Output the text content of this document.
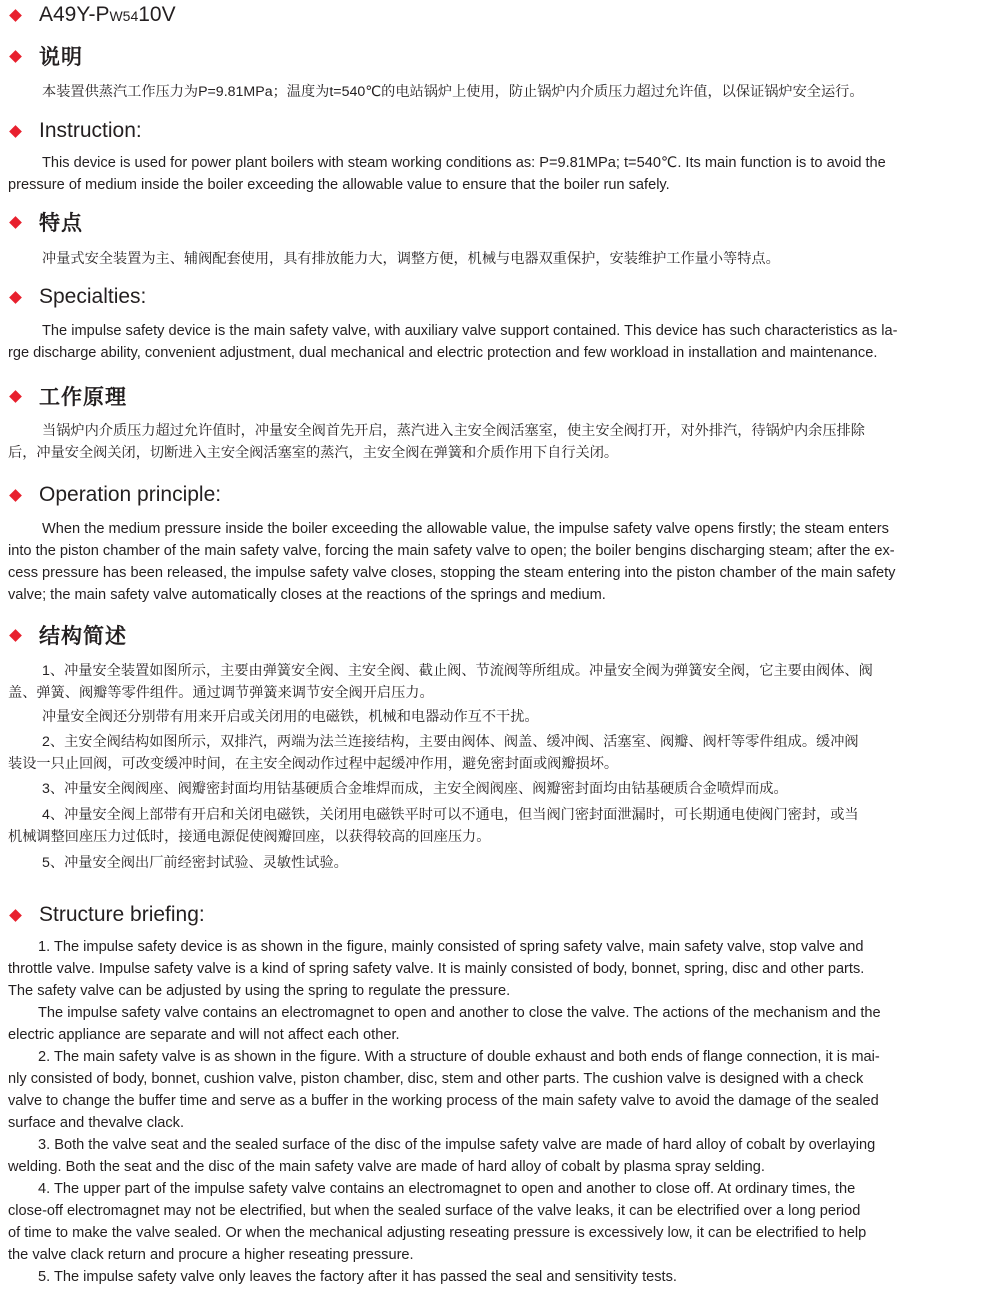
A49Y-PW5410V
说明
本装置供蒸汽工作压力为P=9.81MPa；温度为t=540℃的电站锅炉上使用，防止锅炉内介质压力超过允许值，以保证锅炉安全运行。
Instruction:
This device is used for power plant boilers with steam working conditions as: P=9.81MPa; t=540℃. Its main function is to avoid the
pressure of medium inside the boiler exceeding the allowable value to ensure that the boiler run safely.
特点
冲量式安全装置为主、辅阀配套使用，具有排放能力大，调整方便，机械与电器双重保护，安装维护工作量小等特点。
Specialties:
The impulse safety device is the main safety valve, with auxiliary valve support contained. This device has such characteristics as la-
rge discharge ability, convenient adjustment, dual mechanical and electric protection and few workload in installation and maintenance.
工作原理
当锅炉内介质压力超过允许值时，冲量安全阀首先开启，蒸汽进入主安全阀活塞室，使主安全阀打开，对外排汽，待锅炉内余压排除
后，冲量安全阀关闭，切断进入主安全阀活塞室的蒸汽，主安全阀在弹簧和介质作用下自行关闭。
Operation principle:
When the medium pressure inside the boiler exceeding the allowable value, the impulse safety valve opens firstly; the steam enters
into the piston chamber of the main safety valve, forcing the main safety valve to open; the boiler bengins discharging steam; after the ex-
cess pressure has been released, the impulse safety valve closes, stopping the steam entering into the piston chamber of the main safety
valve; the main safety valve automatically closes at the reactions of the springs and medium.
结构简述
1、冲量安全装置如图所示，主要由弹簧安全阀、主安全阀、截止阀、节流阀等所组成。冲量安全阀为弹簧安全阀，它主要由阀体、阀
盖、弹簧、阀瓣等零件组件。通过调节弹簧来调节安全阀开启压力。
冲量安全阀还分别带有用来开启或关闭用的电磁铁，机械和电器动作互不干扰。
2、主安全阀结构如图所示，双排汽，两端为法兰连接结构，主要由阀体、阀盖、缓冲阀、活塞室、阀瓣、阀杆等零件组成。缓冲阀
装设一只止回阀，可改变缓冲时间，在主安全阀动作过程中起缓冲作用，避免密封面或阀瓣损坏。
3、冲量安全阀阀座、阀瓣密封面均用钴基硬质合金堆焊而成，主安全阀阀座、阀瓣密封面均由钴基硬质合金喷焊而成。
4、冲量安全阀上部带有开启和关闭电磁铁，关闭用电磁铁平时可以不通电，但当阀门密封面泄漏时，可长期通电使阀门密封，或当
机械调整回座压力过低时，接通电源促使阀瓣回座，以获得较高的回座压力。
5、冲量安全阀出厂前经密封试验、灵敏性试验。
Structure briefing:
1. The impulse safety device is as shown in the figure, mainly consisted of spring safety valve, main safety valve, stop valve and
throttle valve. Impulse safety valve is a kind of spring safety valve. It is mainly consisted of body, bonnet, spring, disc and other parts.
The safety valve can be adjusted by using the spring to regulate the pressure.
The impulse safety valve contains an electromagnet to open and another to close the valve. The actions of the mechanism and the
electric appliance are separate and will not affect each other.
2. The main safety valve is as shown in the figure. With a structure of double exhaust and both ends of flange connection, it is mai-
nly consisted of body, bonnet, cushion valve, piston chamber, disc, stem and other parts. The cushion valve is designed with a check
valve to change the buffer time and serve as a buffer in the working process of the main safety valve to avoid the damage of the sealed
surface and thevalve clack.
3. Both the valve seat and the sealed surface of the disc of the impulse safety valve are made of hard alloy of cobalt by overlaying
welding. Both the seat and the disc of the main safety valve are made of hard alloy of cobalt by plasma spray selding.
4. The upper part of the impulse safety valve contains an electromagnet to open and another to close off. At ordinary times, the
close-off electromagnet may not be electrified, but when the sealed surface of the valve leaks, it can be electrified over a long period
of time to make the valve sealed. Or when the mechanical adjusting reseating pressure is excessively low, it can be electrified to help
the valve clack return and procure a higher reseating pressure.
5. The impulse safety valve only leaves the factory after it has passed the seal and sensitivity tests.
